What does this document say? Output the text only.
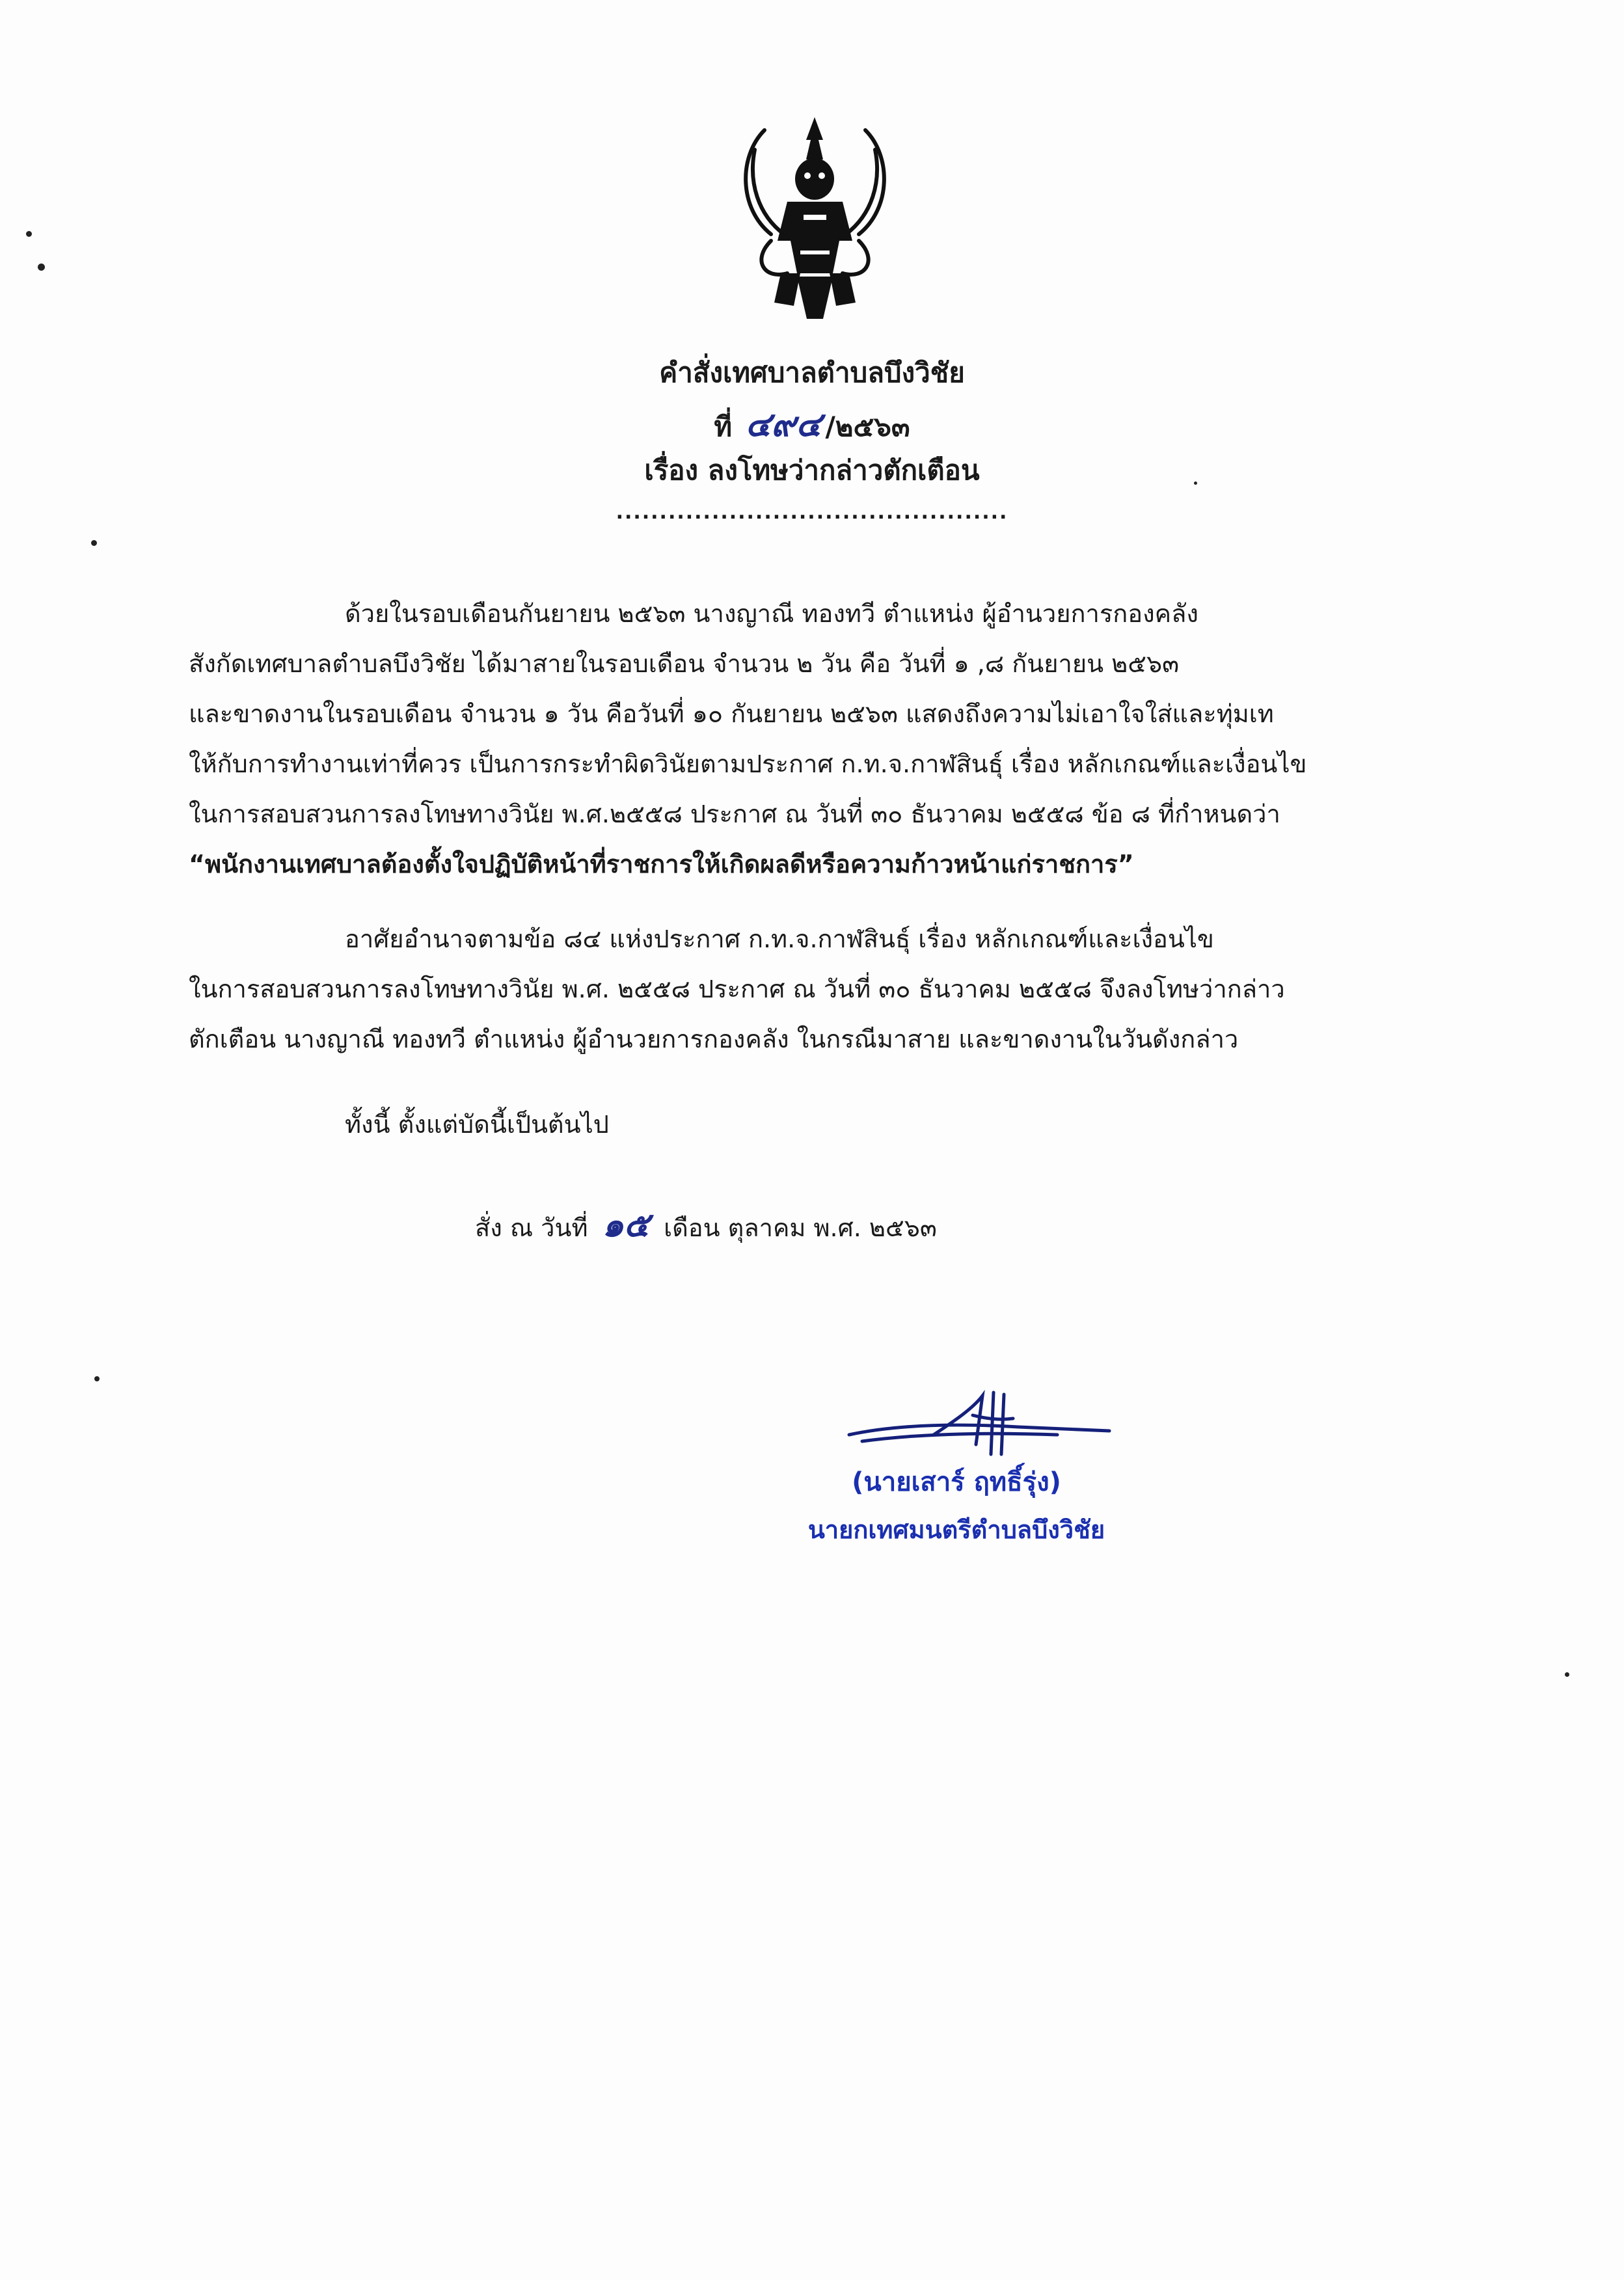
คำสั่งเทศบาลตำบลบึงวิชัย
ที่ ๔๙๔ /๒๕๖๓
เรื่อง ลงโทษว่ากล่าวตักเตือน
.............................................
ด้วยในรอบเดือนกันยายน ๒๕๖๓ นางญาณี ทองทวี ตำแหน่ง ผู้อำนวยการกองคลัง
สังกัดเทศบาลตำบลบึงวิชัย ได้มาสายในรอบเดือน จำนวน ๒ วัน คือ วันที่ ๑ ,๘ กันยายน ๒๕๖๓
และขาดงานในรอบเดือน จำนวน ๑ วัน คือวันที่ ๑๐ กันยายน ๒๕๖๓ แสดงถึงความไม่เอาใจใส่และทุ่มเท
ให้กับการทำงานเท่าที่ควร เป็นการกระทำผิดวินัยตามประกาศ ก.ท.จ.กาฬสินธุ์ เรื่อง หลักเกณฑ์และเงื่อนไข
ในการสอบสวนการลงโทษทางวินัย พ.ศ.๒๕๕๘ ประกาศ ณ วันที่ ๓๐ ธันวาคม ๒๕๕๘ ข้อ ๘ ที่กำหนดว่า
“พนักงานเทศบาลต้องตั้งใจปฏิบัติหน้าที่ราชการให้เกิดผลดีหรือความก้าวหน้าแก่ราชการ”
อาศัยอำนาจตามข้อ ๘๔ แห่งประกาศ ก.ท.จ.กาฬสินธุ์ เรื่อง หลักเกณฑ์และเงื่อนไข
ในการสอบสวนการลงโทษทางวินัย พ.ศ. ๒๕๕๘ ประกาศ ณ วันที่ ๓๐ ธันวาคม ๒๕๕๘ จึงลงโทษว่ากล่าว
ตักเตือน นางญาณี ทองทวี ตำแหน่ง ผู้อำนวยการกองคลัง ในกรณีมาสาย และขาดงานในวันดังกล่าว
ทั้งนี้ ตั้งแต่บัดนี้เป็นต้นไป
สั่ง ณ วันที่ ๑๕ เดือน ตุลาคม พ.ศ. ๒๕๖๓
(นายเสาร์ ฤทธิ์รุ่ง)
นายกเทศมนตรีตำบลบึงวิชัย
